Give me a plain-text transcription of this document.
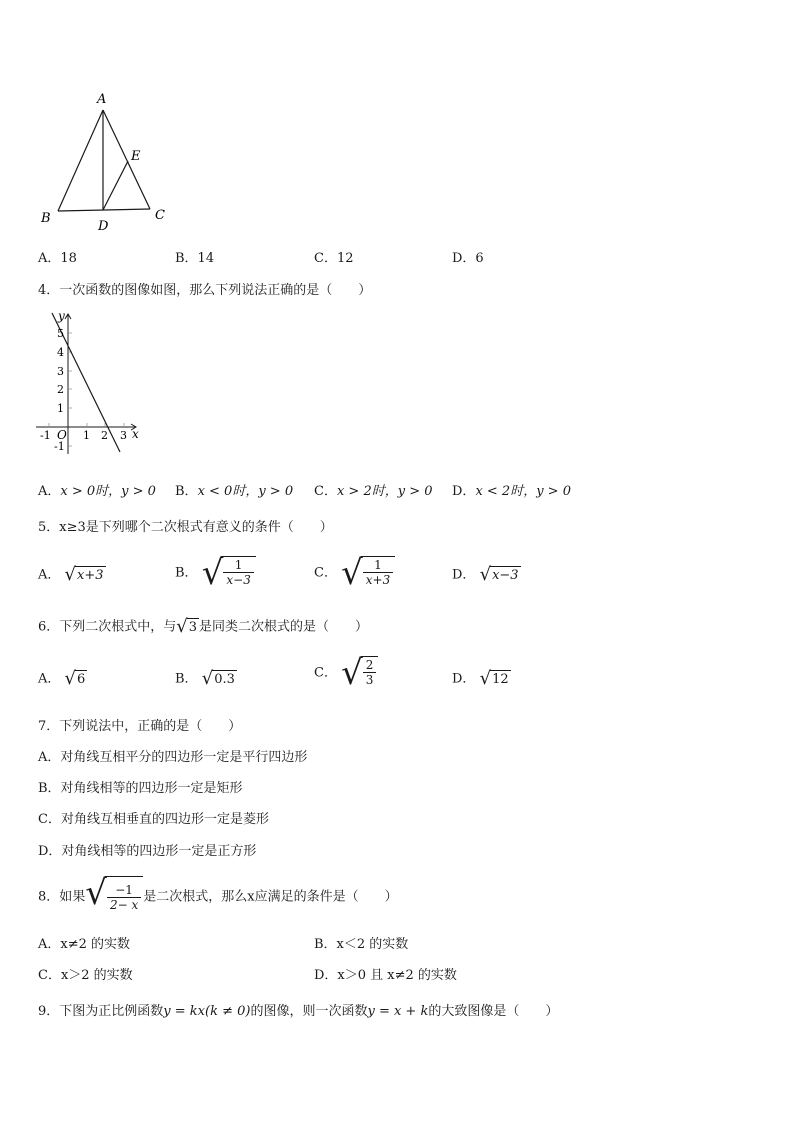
A
B	C
D
E
A．18	B．14	C．12	D．6
4．一次函数的图像如图，那么下列说法正确的是（　　）
y
x
O
5
4
3
2
1
-1
-1	1 2 3
A．x > 0时，y > 0 B．x < 0时，y > 0 C．x > 2时，y > 0 D．x < 2时，y > 0
5．x≥3是下列哪个二次根式有意义的条件（　　）
A． √ x+3	B． √ $\frac{1}{x-3}$	C． √ $\frac{1}{x+3}$	D． √ x−3
6．下列二次根式中，与 √ 3 是同类二次根式的是（　　）
A． √ 6	B． √ 0.3	C． √ $\frac{2}{3}$	D． √ 12
7．下列说法中，正确的是（　　）
A．对角线互相平分的四边形一定是平行四边形
B．对角线相等的四边形一定是矩形
C．对角线互相垂直的四边形一定是菱形
D．对角线相等的四边形一定是正方形
8．如果 √ $\frac{-1}{2- x}$ 是二次根式，那么x应满足的条件是（　　）
A．x≠2 的实数	B．x＜2 的实数
C．x＞2 的实数	D．x＞0 且 x≠2 的实数
9．下图为正比例函数y = kx(k ≠ 0)的图像，则一次函数y = x + k的大致图像是（　　）
